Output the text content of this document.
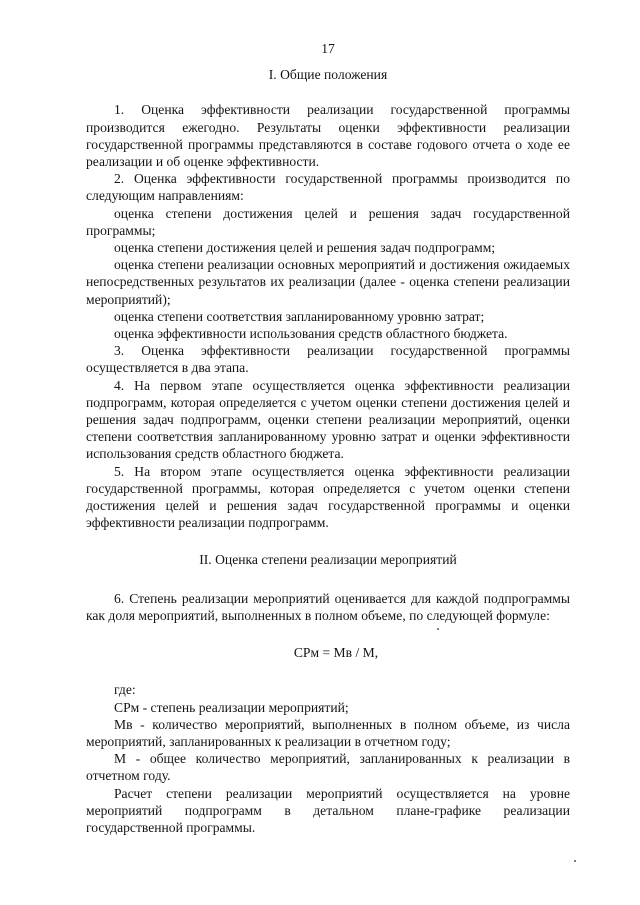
17

I. Общие положения

1. Оценка эффективности реализации государственной программы производится ежегодно. Результаты оценки эффективности реализации государственной программы представляются в составе годового отчета о ходе ее реализации и об оценке эффективности.

2. Оценка эффективности государственной программы производится по следующим направлениям:

оценка степени достижения целей и решения задач государственной программы;

оценка степени достижения целей и решения задач подпрограмм;

оценка степени реализации основных мероприятий и достижения ожидаемых непосредственных результатов их реализации (далее - оценка степени реализации мероприятий);

оценка степени соответствия запланированному уровню затрат;

оценка эффективности использования средств областного бюджета.

3. Оценка эффективности реализации государственной программы осуществляется в два этапа.

4. На первом этапе осуществляется оценка эффективности реализации подпрограмм, которая определяется с учетом оценки степени достижения целей и решения задач подпрограмм, оценки степени реализации мероприятий, оценки степени соответствия запланированному уровню затрат и оценки эффективности использования средств областного бюджета.

5. На втором этапе осуществляется оценка эффективности реализации государственной программы, которая определяется с учетом оценки степени достижения целей и решения задач государственной программы и оценки эффективности реализации подпрограмм.

II. Оценка степени реализации мероприятий

6. Степень реализации мероприятий оценивается для каждой подпрограммы как доля мероприятий, выполненных в полном объеме, по следующей формуле:

СРм = Мв / М,

где:

СРм - степень реализации мероприятий;

Мв - количество мероприятий, выполненных в полном объеме, из числа мероприятий, запланированных к реализации в отчетном году;

М - общее количество мероприятий, запланированных к реализации в отчетном году.

Расчет степени реализации мероприятий осуществляется на уровне мероприятий подпрограмм в детальном плане-графике реализации государственной программы.
